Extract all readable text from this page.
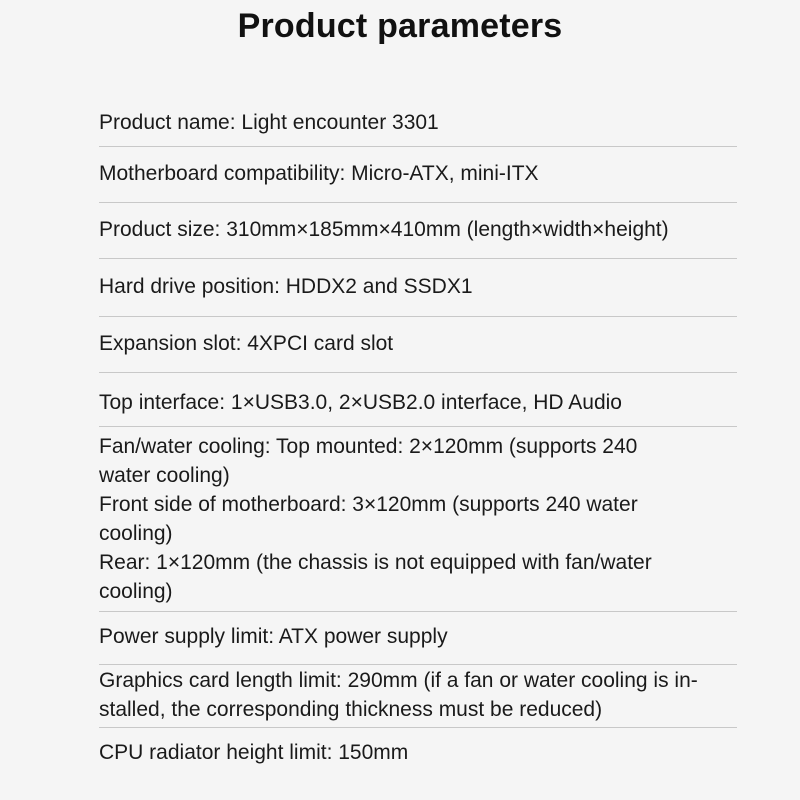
Product parameters
Product name: Light encounter 3301
Motherboard compatibility: Micro-ATX, mini-ITX
Product size: 310mm×185mm×410mm (length×width×height)
Hard drive position: HDDX2 and SSDX1
Expansion slot: 4XPCI card slot
Top interface: 1×USB3.0, 2×USB2.0 interface, HD Audio
Fan/water cooling: Top mounted: 2×120mm (supports 240
water cooling)
Front side of motherboard: 3×120mm (supports 240 water
cooling)
Rear: 1×120mm (the chassis is not equipped with fan/water
cooling)
Power supply limit: ATX power supply
Graphics card length limit: 290mm (if a fan or water cooling is in-
stalled, the corresponding thickness must be reduced)
CPU radiator height limit: 150mm
